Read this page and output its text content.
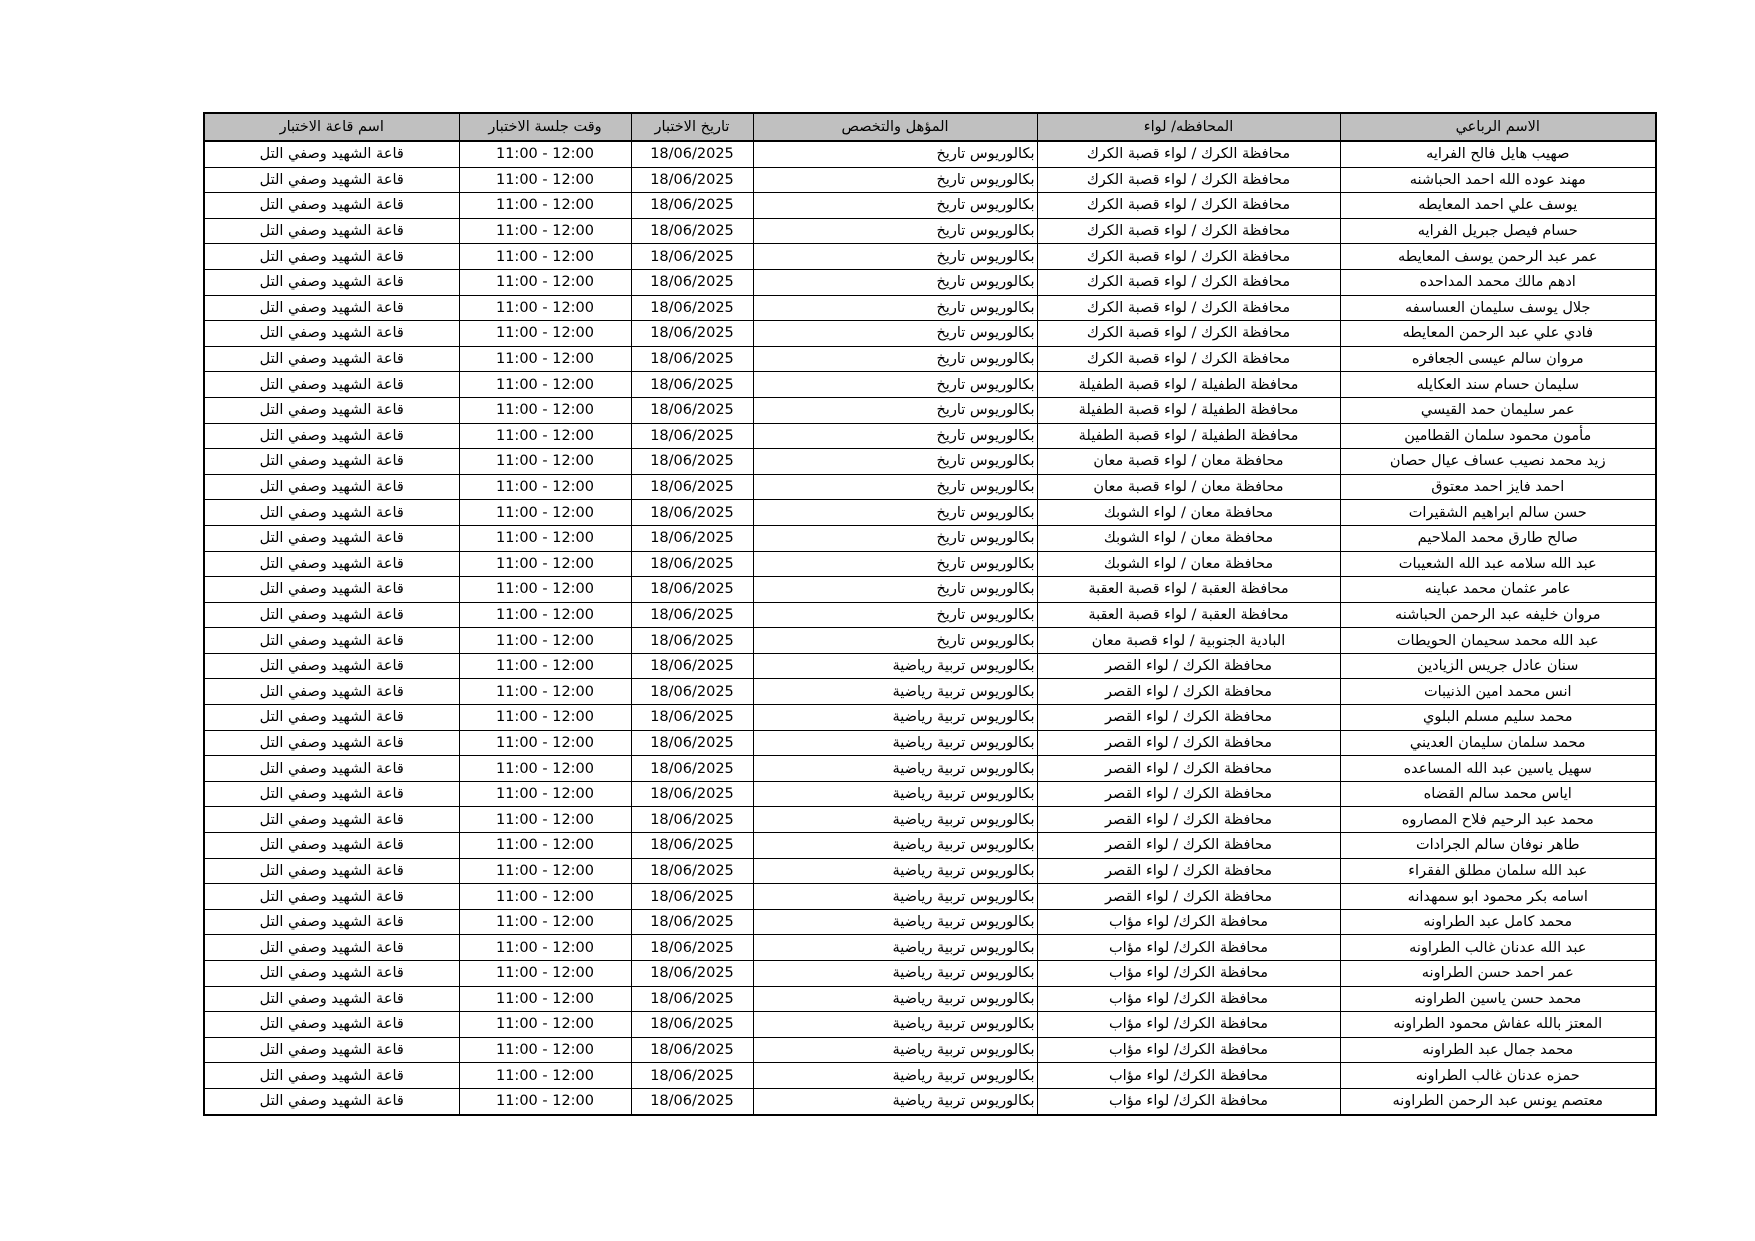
الاسم الرباعي	المحافظه/ لواء	المؤهل والتخصص	تاريخ الاختبار	وقت جلسة الاختبار	اسم قاعة الاختبار
صهيب هايل فالح الفرايه	محافظة الكرك / لواء قصبة الكرك	بكالوريوس تاريخ	18/06/2025	11:00 - 12:00	قاعة الشهيد وصفي التل
مهند عوده الله احمد الحباشنه	محافظة الكرك / لواء قصبة الكرك	بكالوريوس تاريخ	18/06/2025	11:00 - 12:00	قاعة الشهيد وصفي التل
يوسف علي احمد المعايطه	محافظة الكرك / لواء قصبة الكرك	بكالوريوس تاريخ	18/06/2025	11:00 - 12:00	قاعة الشهيد وصفي التل
حسام فيصل جبريل الفرايه	محافظة الكرك / لواء قصبة الكرك	بكالوريوس تاريخ	18/06/2025	11:00 - 12:00	قاعة الشهيد وصفي التل
عمر عبد الرحمن يوسف المعايطه	محافظة الكرك / لواء قصبة الكرك	بكالوريوس تاريخ	18/06/2025	11:00 - 12:00	قاعة الشهيد وصفي التل
ادهم مالك محمد المداحده	محافظة الكرك / لواء قصبة الكرك	بكالوريوس تاريخ	18/06/2025	11:00 - 12:00	قاعة الشهيد وصفي التل
جلال يوسف سليمان العساسفه	محافظة الكرك / لواء قصبة الكرك	بكالوريوس تاريخ	18/06/2025	11:00 - 12:00	قاعة الشهيد وصفي التل
فادي علي عبد الرحمن المعايطه	محافظة الكرك / لواء قصبة الكرك	بكالوريوس تاريخ	18/06/2025	11:00 - 12:00	قاعة الشهيد وصفي التل
مروان سالم عيسى الجعافره	محافظة الكرك / لواء قصبة الكرك	بكالوريوس تاريخ	18/06/2025	11:00 - 12:00	قاعة الشهيد وصفي التل
سليمان حسام سند العكايله	محافظة الطفيلة / لواء قصبة الطفيلة	بكالوريوس تاريخ	18/06/2025	11:00 - 12:00	قاعة الشهيد وصفي التل
عمر سليمان حمد القيسي	محافظة الطفيلة / لواء قصبة الطفيلة	بكالوريوس تاريخ	18/06/2025	11:00 - 12:00	قاعة الشهيد وصفي التل
مأمون محمود سلمان القطامين	محافظة الطفيلة / لواء قصبة الطفيلة	بكالوريوس تاريخ	18/06/2025	11:00 - 12:00	قاعة الشهيد وصفي التل
زيد محمد نصيب عساف عيال حصان	محافظة معان / لواء قصبة معان	بكالوريوس تاريخ	18/06/2025	11:00 - 12:00	قاعة الشهيد وصفي التل
احمد فايز احمد معتوق	محافظة معان / لواء قصبة معان	بكالوريوس تاريخ	18/06/2025	11:00 - 12:00	قاعة الشهيد وصفي التل
حسن سالم ابراهيم الشقيرات	محافظة معان / لواء الشوبك	بكالوريوس تاريخ	18/06/2025	11:00 - 12:00	قاعة الشهيد وصفي التل
صالح طارق محمد الملاحيم	محافظة معان / لواء الشوبك	بكالوريوس تاريخ	18/06/2025	11:00 - 12:00	قاعة الشهيد وصفي التل
عبد الله سلامه عبد الله الشعيبات	محافظة معان / لواء الشوبك	بكالوريوس تاريخ	18/06/2025	11:00 - 12:00	قاعة الشهيد وصفي التل
عامر عثمان محمد عباينه	محافظة العقبة / لواء قصبة العقبة	بكالوريوس تاريخ	18/06/2025	11:00 - 12:00	قاعة الشهيد وصفي التل
مروان خليفه عبد الرحمن الحباشنه	محافظة العقبة / لواء قصبة العقبة	بكالوريوس تاريخ	18/06/2025	11:00 - 12:00	قاعة الشهيد وصفي التل
عبد الله محمد سحيمان الحويطات	البادية الجنوبية / لواء قصبة معان	بكالوريوس تاريخ	18/06/2025	11:00 - 12:00	قاعة الشهيد وصفي التل
سنان عادل جريس الزيادين	محافظة الكرك / لواء القصر	بكالوريوس تربية رياضية	18/06/2025	11:00 - 12:00	قاعة الشهيد وصفي التل
انس محمد امين الذنيبات	محافظة الكرك / لواء القصر	بكالوريوس تربية رياضية	18/06/2025	11:00 - 12:00	قاعة الشهيد وصفي التل
محمد سليم مسلم البلوي	محافظة الكرك / لواء القصر	بكالوريوس تربية رياضية	18/06/2025	11:00 - 12:00	قاعة الشهيد وصفي التل
محمد سلمان سليمان العديني	محافظة الكرك / لواء القصر	بكالوريوس تربية رياضية	18/06/2025	11:00 - 12:00	قاعة الشهيد وصفي التل
سهيل ياسين عبد الله المساعده	محافظة الكرك / لواء القصر	بكالوريوس تربية رياضية	18/06/2025	11:00 - 12:00	قاعة الشهيد وصفي التل
اياس محمد سالم القضاه	محافظة الكرك / لواء القصر	بكالوريوس تربية رياضية	18/06/2025	11:00 - 12:00	قاعة الشهيد وصفي التل
محمد عبد الرحيم فلاح المصاروه	محافظة الكرك / لواء القصر	بكالوريوس تربية رياضية	18/06/2025	11:00 - 12:00	قاعة الشهيد وصفي التل
طاهر نوفان سالم الجرادات	محافظة الكرك / لواء القصر	بكالوريوس تربية رياضية	18/06/2025	11:00 - 12:00	قاعة الشهيد وصفي التل
عبد الله سلمان مطلق الفقراء	محافظة الكرك / لواء القصر	بكالوريوس تربية رياضية	18/06/2025	11:00 - 12:00	قاعة الشهيد وصفي التل
اسامه بكر محمود ابو سمهدانه	محافظة الكرك / لواء القصر	بكالوريوس تربية رياضية	18/06/2025	11:00 - 12:00	قاعة الشهيد وصفي التل
محمد كامل عبد الطراونه	محافظة الكرك/ لواء مؤاب	بكالوريوس تربية رياضية	18/06/2025	11:00 - 12:00	قاعة الشهيد وصفي التل
عبد الله عدنان غالب الطراونه	محافظة الكرك/ لواء مؤاب	بكالوريوس تربية رياضية	18/06/2025	11:00 - 12:00	قاعة الشهيد وصفي التل
عمر احمد حسن الطراونه	محافظة الكرك/ لواء مؤاب	بكالوريوس تربية رياضية	18/06/2025	11:00 - 12:00	قاعة الشهيد وصفي التل
محمد حسن ياسين الطراونه	محافظة الكرك/ لواء مؤاب	بكالوريوس تربية رياضية	18/06/2025	11:00 - 12:00	قاعة الشهيد وصفي التل
المعتز بالله عفاش محمود الطراونه	محافظة الكرك/ لواء مؤاب	بكالوريوس تربية رياضية	18/06/2025	11:00 - 12:00	قاعة الشهيد وصفي التل
محمد جمال عبد الطراونه	محافظة الكرك/ لواء مؤاب	بكالوريوس تربية رياضية	18/06/2025	11:00 - 12:00	قاعة الشهيد وصفي التل
حمزه عدنان غالب الطراونه	محافظة الكرك/ لواء مؤاب	بكالوريوس تربية رياضية	18/06/2025	11:00 - 12:00	قاعة الشهيد وصفي التل
معتصم يونس عبد الرحمن الطراونه	محافظة الكرك/ لواء مؤاب	بكالوريوس تربية رياضية	18/06/2025	11:00 - 12:00	قاعة الشهيد وصفي التل
